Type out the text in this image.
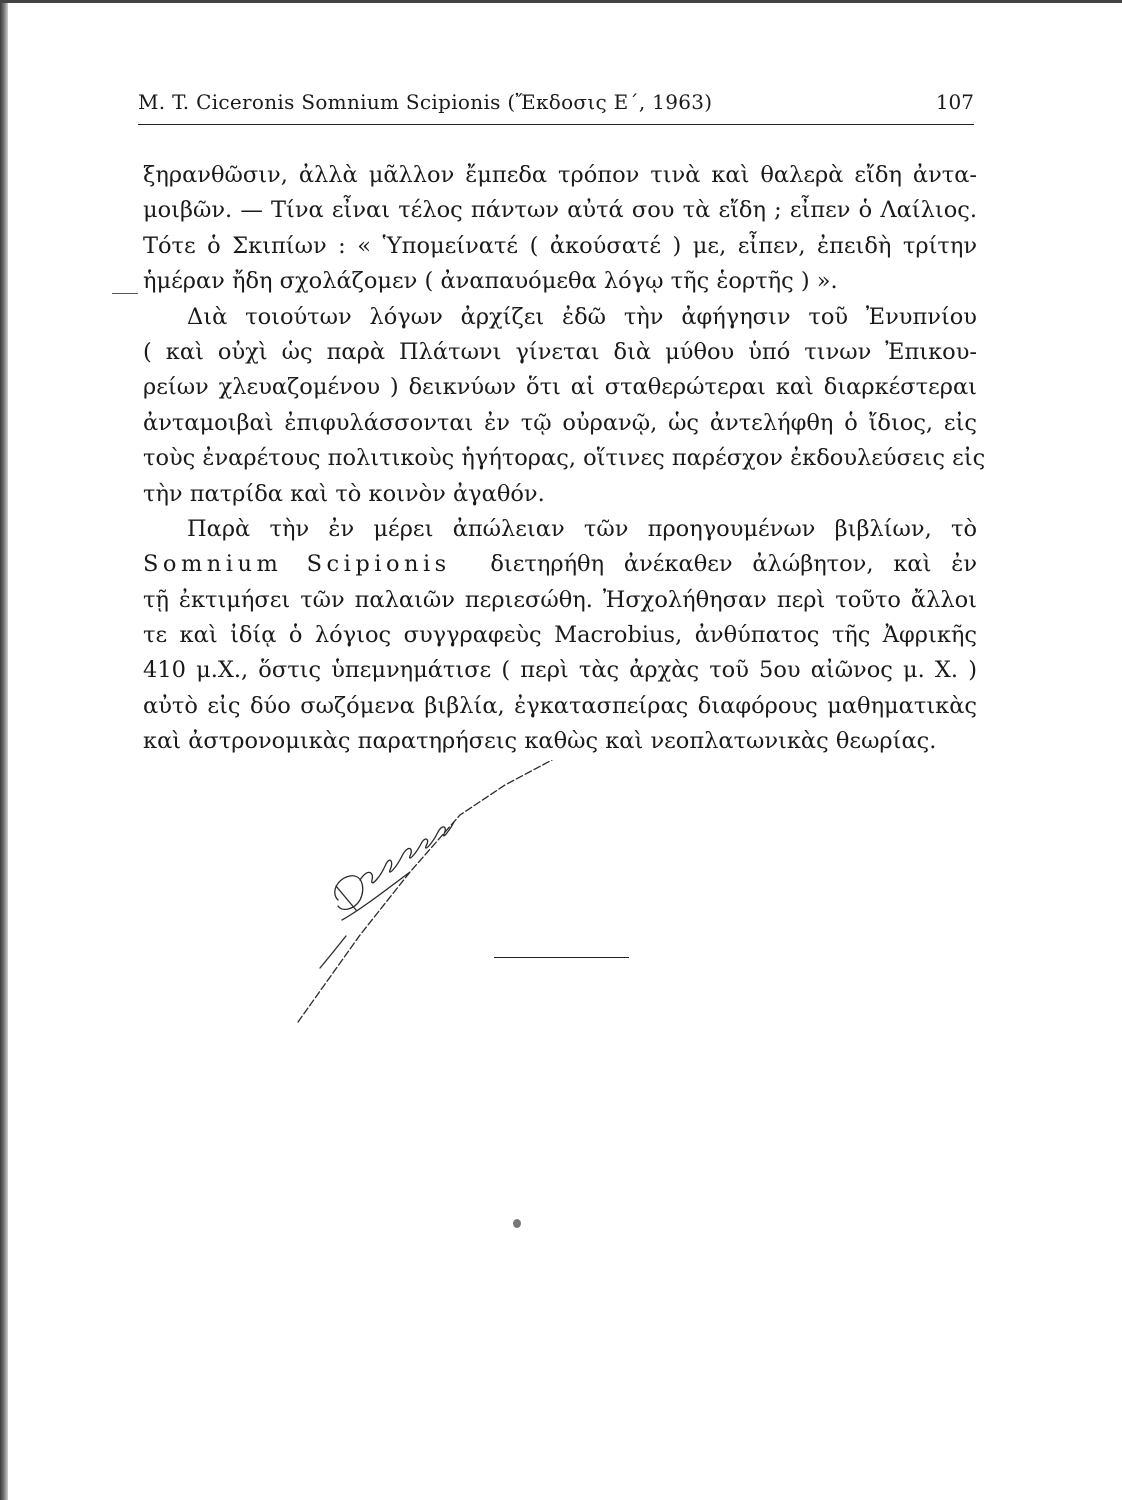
M. T. Ciceronis Somnium Scipionis (Ἔκδοσις Ε΄, 1963)	107
ξηρανθῶσιν, ἀλλὰ μᾶλλον ἔμπεδα τρόπον τινὰ καὶ θαλερὰ εἴδη ἀντα-
μοιβῶν. — Τίνα εἶναι τέλος πάντων αὐτά σου τὰ εἴδη ; εἶπεν ὁ Λαίλιος.
Τότε ὁ Σκιπίων : « Ὑπομείνατέ ( ἀκούσατέ ) με, εἶπεν, ἐπειδὴ τρίτην
ἡμέραν ἤδη σχολάζομεν ( ἀναπαυόμεθα λόγῳ τῆς ἑορτῆς ) ».
Διὰ τοιούτων λόγων ἀρχίζει ἐδῶ τὴν ἀφήγησιν τοῦ Ἐνυπνίου
( καὶ οὐχὶ ὡς παρὰ Πλάτωνι γίνεται διὰ μύθου ὑπό τινων Ἐπικου-
ρείων χλευαζομένου ) δεικνύων ὅτι αἱ σταθερώτεραι καὶ διαρκέστεραι
ἀνταμοιβαὶ ἐπιφυλάσσονται ἐν τῷ οὐρανῷ, ὡς ἀντελήφθη ὁ ἴδιος, εἰς
τοὺς ἐναρέτους πολιτικοὺς ἡγήτορας, οἵτινες παρέσχον ἐκδουλεύσεις εἰς
τὴν πατρίδα καὶ τὸ κοινὸν ἀγαθόν.
Παρὰ τὴν ἐν μέρει ἀπώλειαν τῶν προηγουμένων βιβλίων, τὸ
Somnium Scipionis διετηρήθη ἀνέκαθεν ἀλώβητον, καὶ ἐν
τῇ ἐκτιμήσει τῶν παλαιῶν περιεσώθη. Ἠσχολήθησαν περὶ τοῦτο ἄλλοι
τε καὶ ἰδίᾳ ὁ λόγιος συγγραφεὺς Macrobius, ἀνθύπατος τῆς Ἀφρικῆς
410 μ.Χ., ὅστις ὑπεμνημάτισε ( περὶ τὰς ἀρχὰς τοῦ 5ου αἰῶνος μ. Χ. )
αὐτὸ εἰς δύο σωζόμενα βιβλία, ἐγκατασπείρας διαφόρους μαθηματικὰς
καὶ ἀστρονομικὰς παρατηρήσεις καθὼς καὶ νεοπλατωνικὰς θεωρίας.
